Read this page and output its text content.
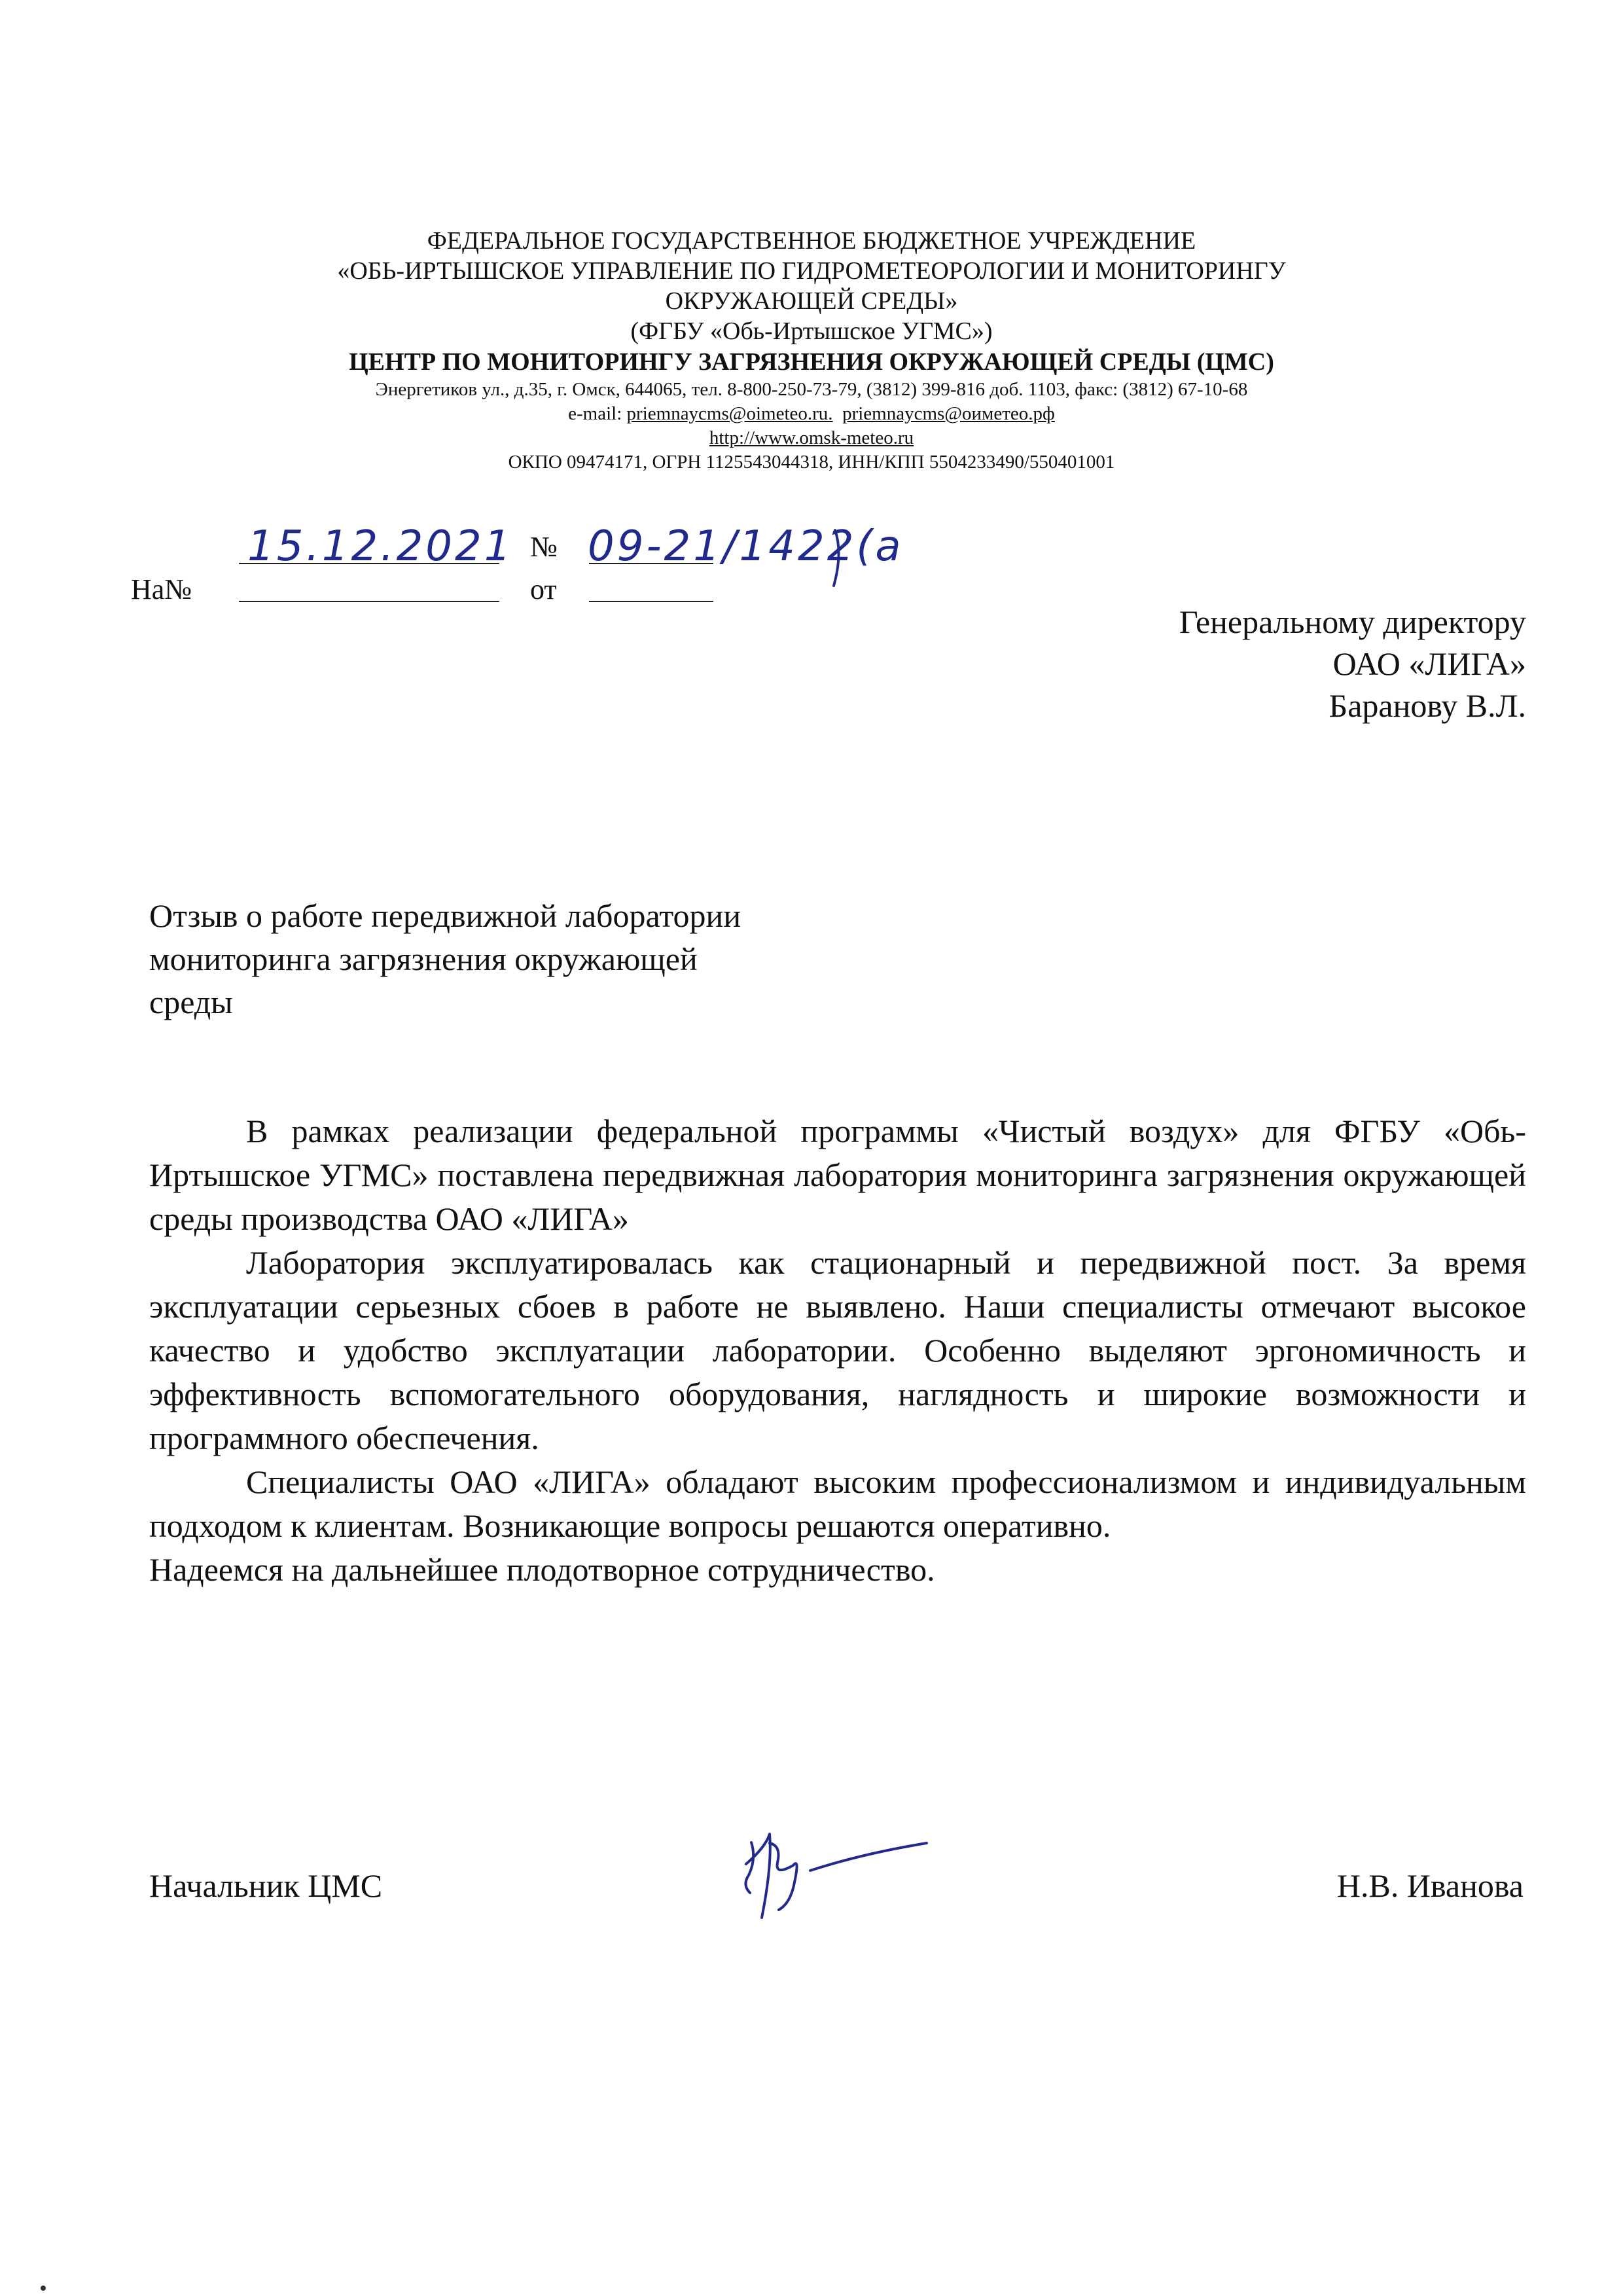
ФЕДЕРАЛЬНОЕ ГОСУДАРСТВЕННОЕ БЮДЖЕТНОЕ УЧРЕЖДЕНИЕ
«ОБЬ-ИРТЫШСКОЕ УПРАВЛЕНИЕ ПО ГИДРОМЕТЕОРОЛОГИИ И МОНИТОРИНГУ
ОКРУЖАЮЩЕЙ СРЕДЫ»
(ФГБУ «Обь-Иртышское УГМС»)
ЦЕНТР ПО МОНИТОРИНГУ ЗАГРЯЗНЕНИЯ ОКРУЖАЮЩЕЙ СРЕДЫ (ЦМС)
Энергетиков ул., д.35, г. Омск, 644065, тел. 8-800-250-73-79, (3812) 399-816 доб. 1103, факс: (3812) 67-10-68
e-mail: priemnaycms@oimeteo.ru. priemnaycms@оиметео.рф
http://www.omsk-meteo.ru
ОКПО 09474171, ОГРН 1125543044318, ИНН/КПП 5504233490/550401001
15.12.2021 № 09-21/1422(а
На№	от
Генеральному директору
ОАО «ЛИГА»
Баранову В.Л.
Отзыв о работе передвижной лаборатории
мониторинга загрязнения окружающей
среды

В рамках реализации федеральной программы «Чистый воздух» для ФГБУ «Обь-Иртышское УГМС» поставлена передвижная лаборатория мониторинга загрязнения окружающей среды производства ОАО «ЛИГА»

Лаборатория эксплуатировалась как стационарный и передвижной пост. За время эксплуатации серьезных сбоев в работе не выявлено. Наши специалисты отмечают высокое качество и удобство эксплуатации лаборатории. Особенно выделяют эргономичность и эффективность вспомогательного оборудования, наглядность и широкие возможности и программного обеспечения.

Специалисты ОАО «ЛИГА» обладают высоким профессионализмом и индивидуальным подходом к клиентам. Возникающие вопросы решаются оперативно.

Надеемся на дальнейшее плодотворное сотрудничество.

Начальник ЦМС	Н.В. Иванова
